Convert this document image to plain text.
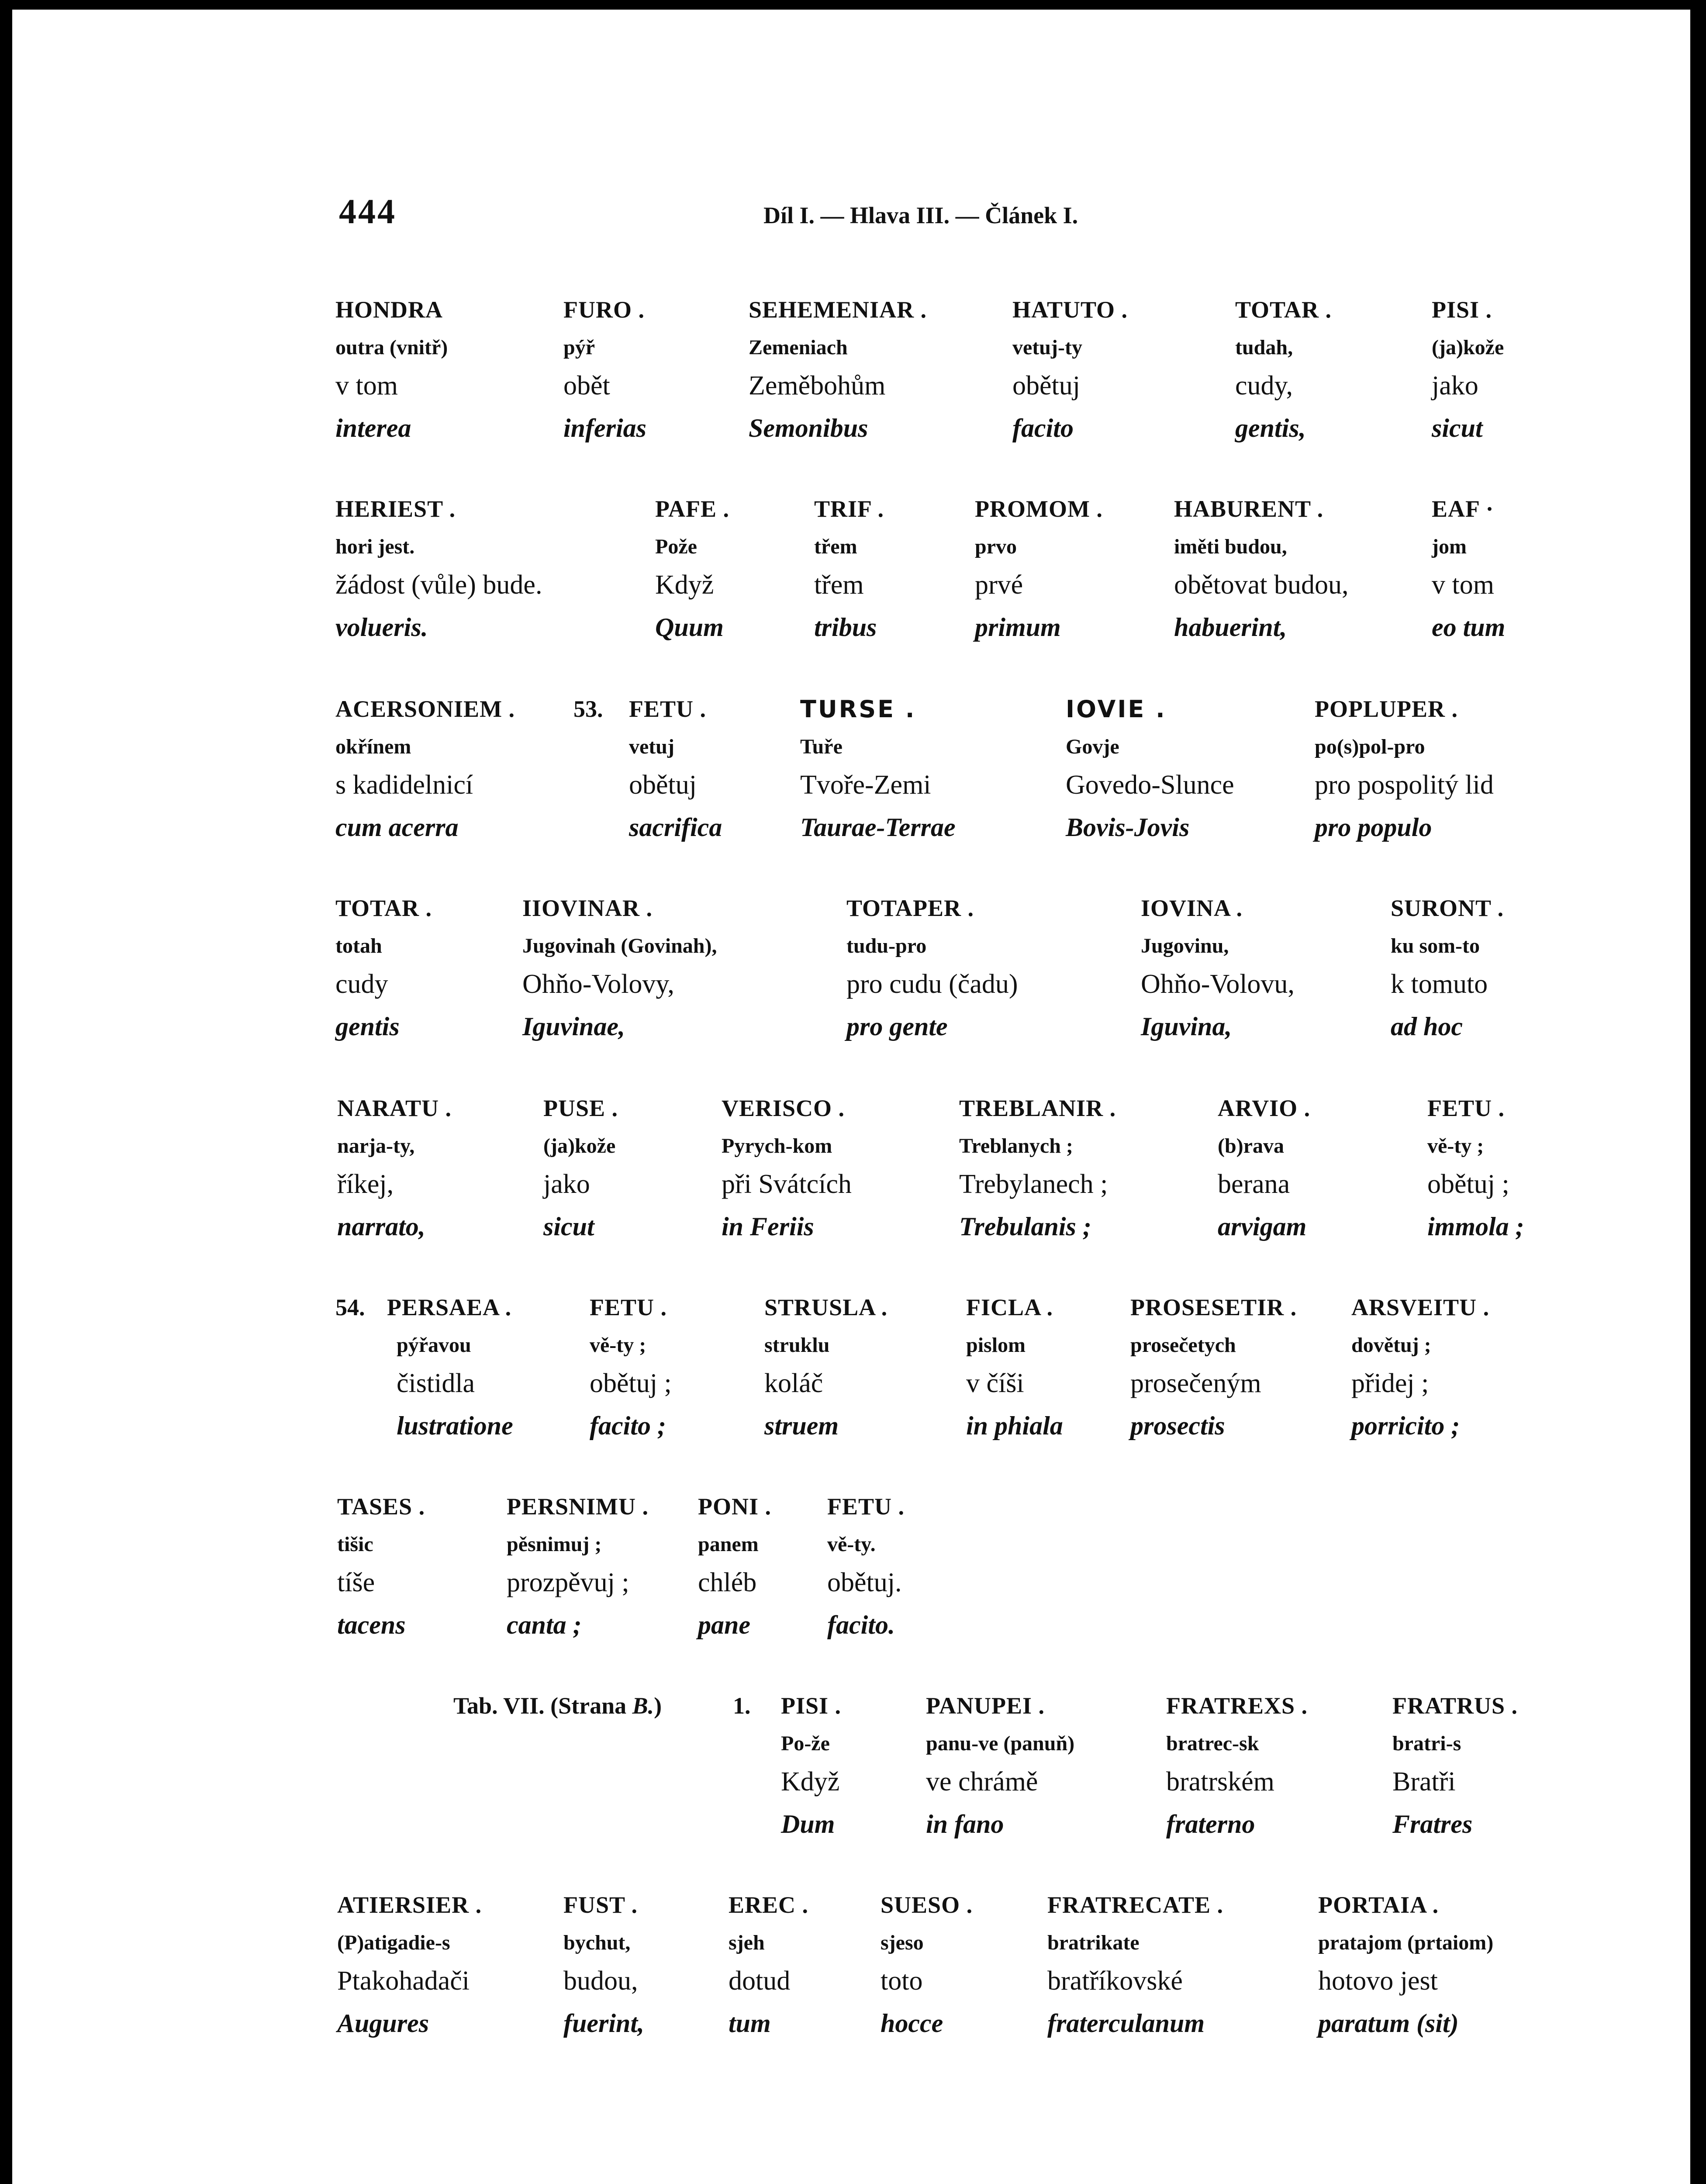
444	Díl I. — Hlava III. — Článek I.
HONDRA
outra (vnitř)
v tom
interea
FURO .
pýř
obět
inferias
SEHEMENIAR .
Zemeniach
Zeměbohům
Semonibus
HATUTO .
vetuj-ty
obětuj
facito
TOTAR .
tudah,
cudy,
gentis,
PISI .
(ja)kože
jako
sicut
HERIEST .
hori jest.
žádost (vůle) bude.
volueris.
PAFE .
Pože
Když
Quum
TRIF .
třem
třem
tribus
PROMOM .
prvo
prvé
primum
HABURENT .
iměti budou,
obětovat budou,
habuerint,
EAF ·
jom
v tom
eo tum
ACERSONIEM .
okřínem
s kadidelnicí
cum acerra
53. FETU .
vetuj
obětuj
sacrifica
TURSE .
Tuře
Tvoře-Zemi
Taurae-Terrae
IOVIE .
Govje
Govedo-Slunce
Bovis-Jovis
POPLUPER .
po(s)pol-pro
pro pospolitý lid
pro populo
TOTAR .
totah
cudy
gentis
IIOVINAR .
Jugovinah (Govinah),
Ohňo-Volovy,
Iguvinae,
TOTAPER .
tudu-pro
pro cudu (čadu)
pro gente
IOVINA .
Jugovinu,
Ohňo-Volovu,
Iguvina,
SURONT .
ku som-to
k tomuto
ad hoc
NARATU .
narja-ty,
říkej,
narrato,
PUSE .
(ja)kože
jako
sicut
VERISCO .
Pyrych-kom
při Svátcích
in Feriis
TREBLANIR .
Treblanych ;
Trebylanech ;
Trebulanis ;
ARVIO .
(b)rava
berana
arvigam
FETU .
vě-ty ;
obětuj ;
immola ;
54. PERSAEA .
pýřavou
čistidla
lustratione
FETU .
vě-ty ;
obětuj ;
facito ;
STRUSLA .
struklu
koláč
struem
FICLA .
pislom
v číši
in phiala
PROSESETIR .
prosečetych
prosečeným
prosectis
ARSVEITU .
dovětuj ;
přidej ;
porricito ;
TASES .
tišic
tíše
tacens
PERSNIMU .
pěsnimuj ;
prozpěvuj ;
canta ;
PONI .
panem
chléb
pane
FETU .
vě-ty.
obětuj.
facito.
Tab. VII. (Strana B.)	1. PISI .
Po-že
Když
Dum
PANUPEI .
panu-ve (panuň)
ve chrámě
in fano
FRATREXS .
bratrec-sk
bratrském
fraterno
FRATRUS .
bratri-s
Bratři
Fratres
ATIERSIER .
(P)atigadie-s
Ptakohadači
Augures
FUST .
bychut,
budou,
fuerint,
EREC .
sjeh
dotud
tum
SUESO .
sjeso
toto
hocce
FRATRECATE .
bratrikate
bratříkovské
fraterculanum
PORTAIA .
pratajom (prtaiom)
hotovo jest
paratum (sit)
